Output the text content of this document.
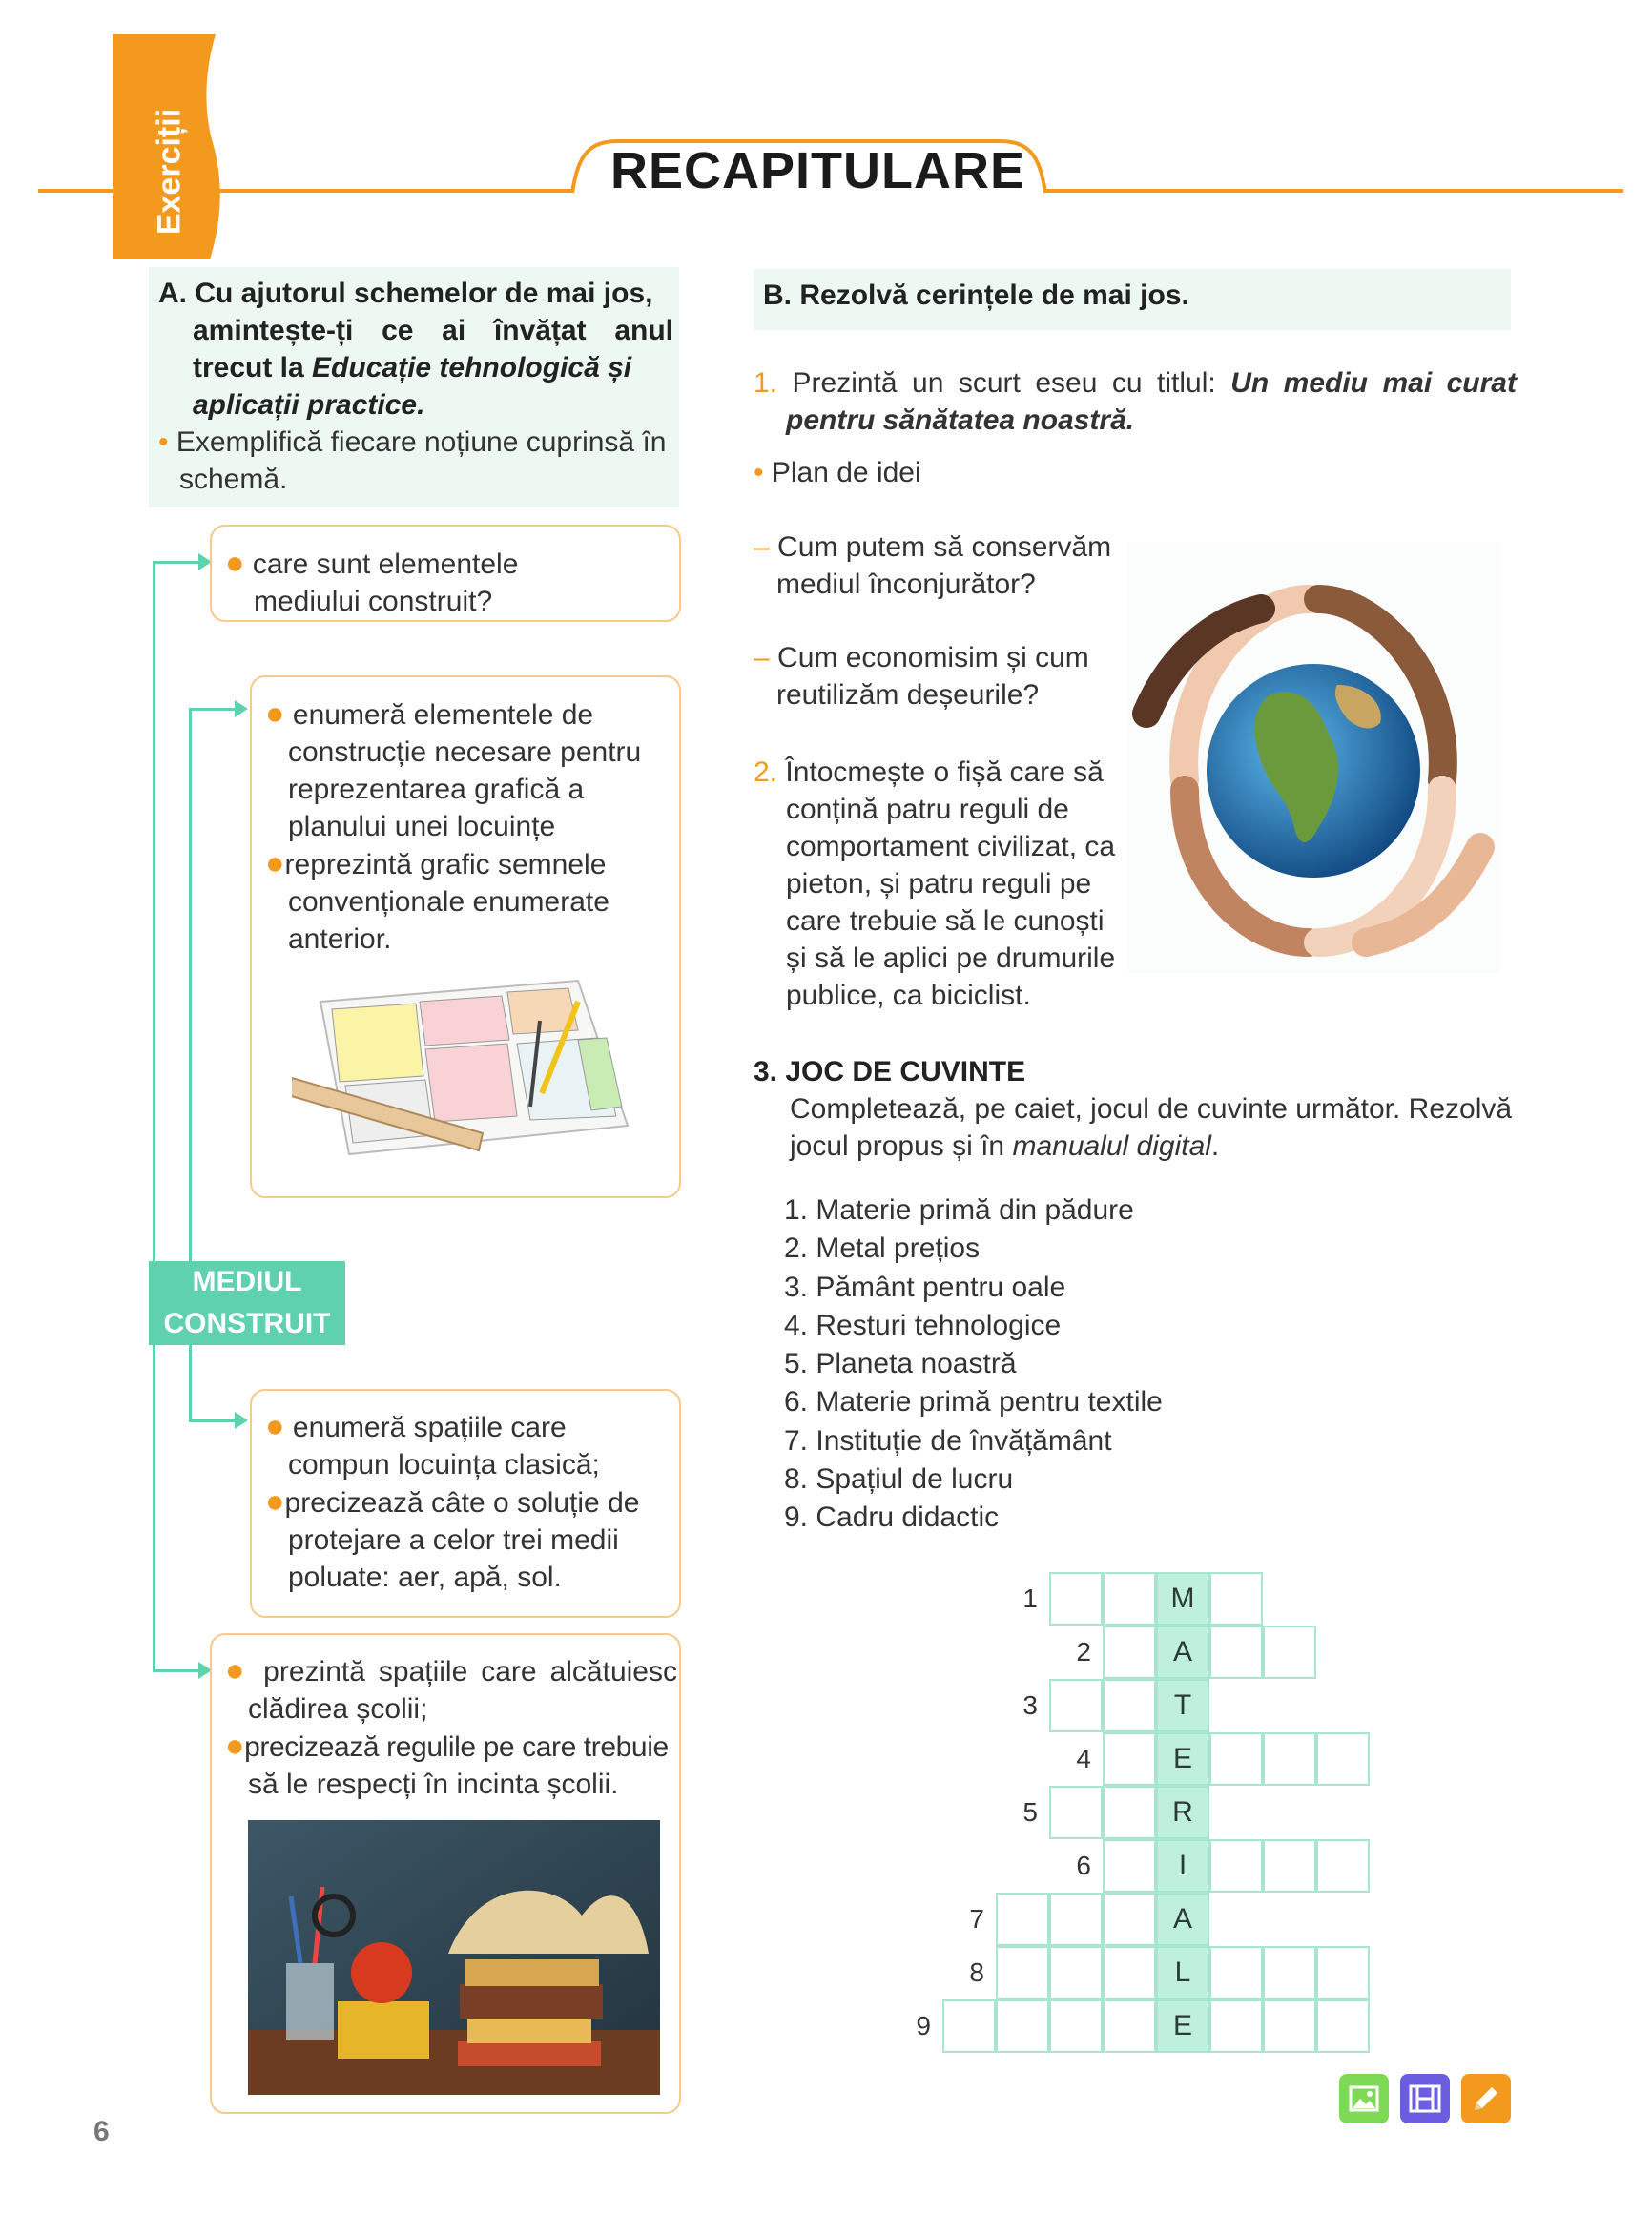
Exerciții	RECAPITULARE
A. Cu ajutorul schemelor de mai jos,
amintește-ți ce ai învățat anul
trecut la Educație tehnologică și
aplicații practice.
• Exemplifică fiecare noțiune cuprinsă în
schemă.
MEDIUL
CONSTRUIT
● care sunt elementele
mediului construit?
● enumeră elementele de
construcție necesare pentru
reprezentarea grafică a
planului unei locuințe
●reprezintă grafic semnele
convenționale enumerate
anterior.
● enumeră spațiile care
compun locuința clasică;
●precizează câte o soluție de
protejare a celor trei medii
poluate: aer, apă, sol.
● prezintă spațiile care alcătuiesc
clădirea școlii;
●precizează regulile pe care trebuie
să le respecți în incinta școlii.
B. Rezolvă cerințele de mai jos.
1. Prezintă un scurt eseu cu titlul: Un mediu mai curat
pentru sănătatea noastră.
• Plan de idei
– Cum putem să conservăm
mediul înconjurător?
– Cum economisim și cum
reutilizăm deșeurile?
2. Întocmește o fișă care să
conțină patru reguli de
comportament civilizat, ca
pieton, și patru reguli pe
care trebuie să le cunoști
și să le aplici pe drumurile
publice, ca biciclist.
3. JOC DE CUVINTE
Completează, pe caiet, jocul de cuvinte următor. Rezolvă
jocul propus și în manualul digital.
1. Materie primă din pădure
2. Metal prețios
3. Pământ pentru oale
4. Resturi tehnologice
5. Planeta noastră
6. Materie primă pentru textile
7. Instituție de învățământ
8. Spațiul de lucru
9. Cadru didactic
6
M
1
A
2
T
3
E
4
R
5
I
6
A
7
L
8
E
9
